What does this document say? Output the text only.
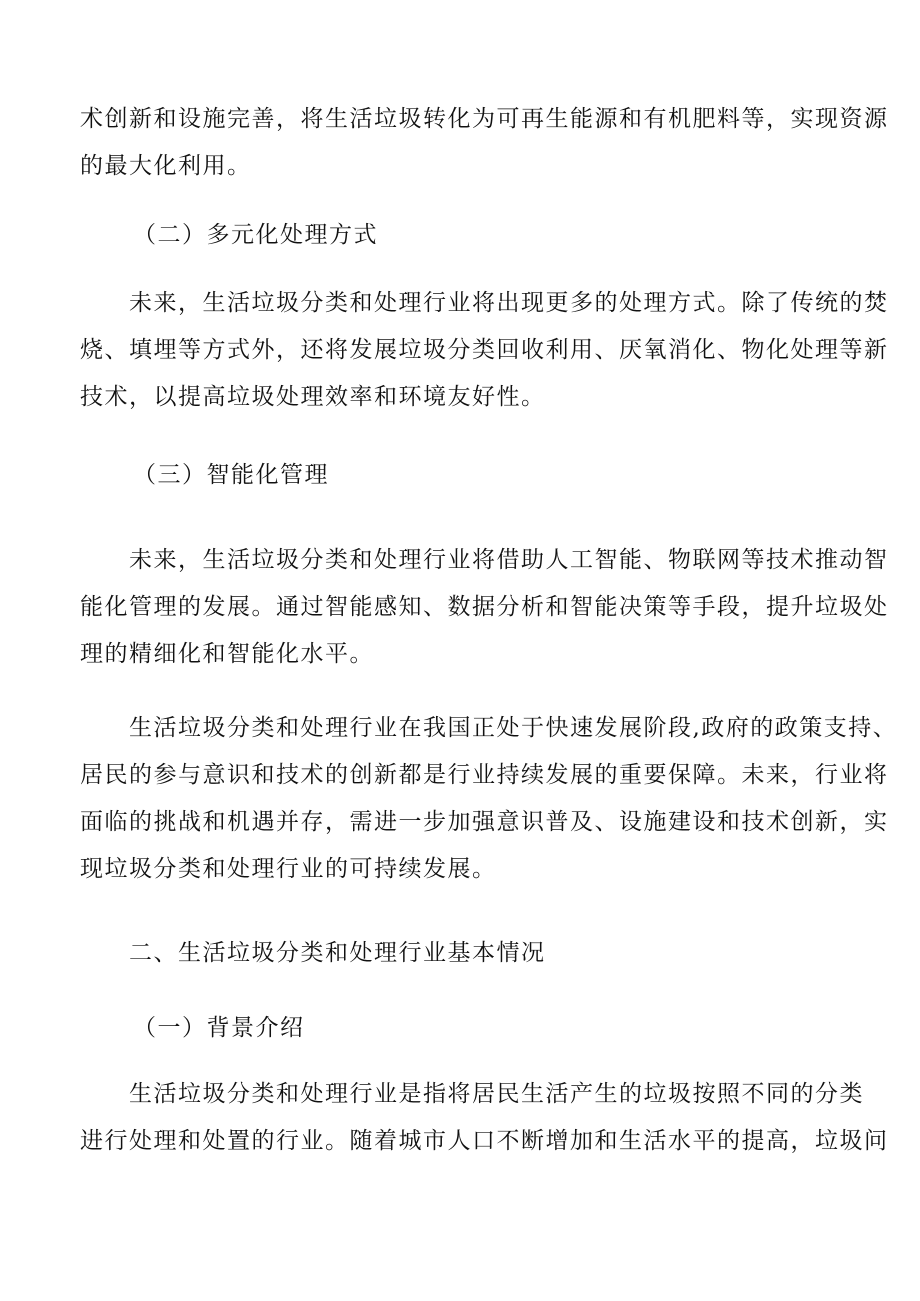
术创新和设施完善，将生活垃圾转化为可再生能源和有机肥料等，实现资源
的最大化利用。

（二）多元化处理方式

未来，生活垃圾分类和处理行业将出现更多的处理方式。除了传统的焚
烧、填埋等方式外，还将发展垃圾分类回收利用、厌氧消化、物化处理等新
技术，以提高垃圾处理效率和环境友好性。

（三）智能化管理

未来，生活垃圾分类和处理行业将借助人工智能、物联网等技术推动智
能化管理的发展。通过智能感知、数据分析和智能决策等手段，提升垃圾处
理的精细化和智能化水平。

生活垃圾分类和处理行业在我国正处于快速发展阶段,政府的政策支持、
居民的参与意识和技术的创新都是行业持续发展的重要保障。未来，行业将
面临的挑战和机遇并存，需进一步加强意识普及、设施建设和技术创新，实
现垃圾分类和处理行业的可持续发展。

二、生活垃圾分类和处理行业基本情况

（一）背景介绍

生活垃圾分类和处理行业是指将居民生活产生的垃圾按照不同的分类
进行处理和处置的行业。随着城市人口不断增加和生活水平的提高，垃圾问
